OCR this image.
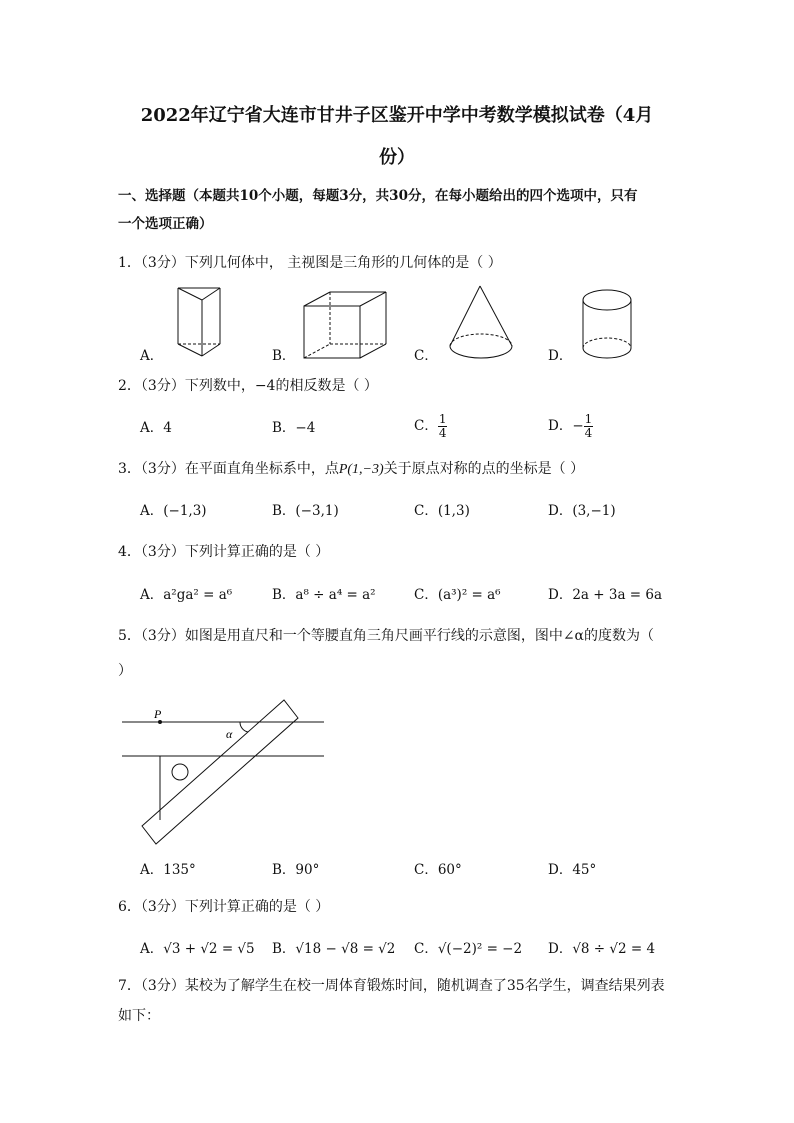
2022年辽宁省大连市甘井子区鉴开中学中考数学模拟试卷（4月
份）
一、选择题（本题共10个小题，每题3分，共30分，在每小题给出的四个选项中，只有
一个选项正确）
1．（3分）下列几何体中， 主视图是三角形的几何体的是（ ）
A．	B．	C．	D．
2．（3分）下列数中，−4的相反数是（ ）
A．4	B．−4	C． $\frac{1}{4}$	D．− $\frac{1}{4}$
3．（3分）在平面直角坐标系中，点P(1,−3)关于原点对称的点的坐标是（ ）
A．(−1,3)	B．(−3,1)	C．(1,3)	D．(3,−1)
4．（3分）下列计算正确的是（ ）
A．a²ga² = a⁶	B．a⁸ ÷ a⁴ = a²	C．(a³)² = a⁶	D．2a + 3a = 6a
5．（3分）如图是用直尺和一个等腰直角三角尺画平行线的示意图，图中∠α的度数为（
）
P
α
A．135°	B．90°	C．60°	D．45°
6．（3分）下列计算正确的是（ ）
A．√3 + √2 = √5 B．√18 − √8 = √2 C．√(−2)² = −2 D．√8 ÷ √2 = 4
7．（3分）某校为了解学生在校一周体育锻炼时间，随机调查了35名学生，调查结果列表
如下：
